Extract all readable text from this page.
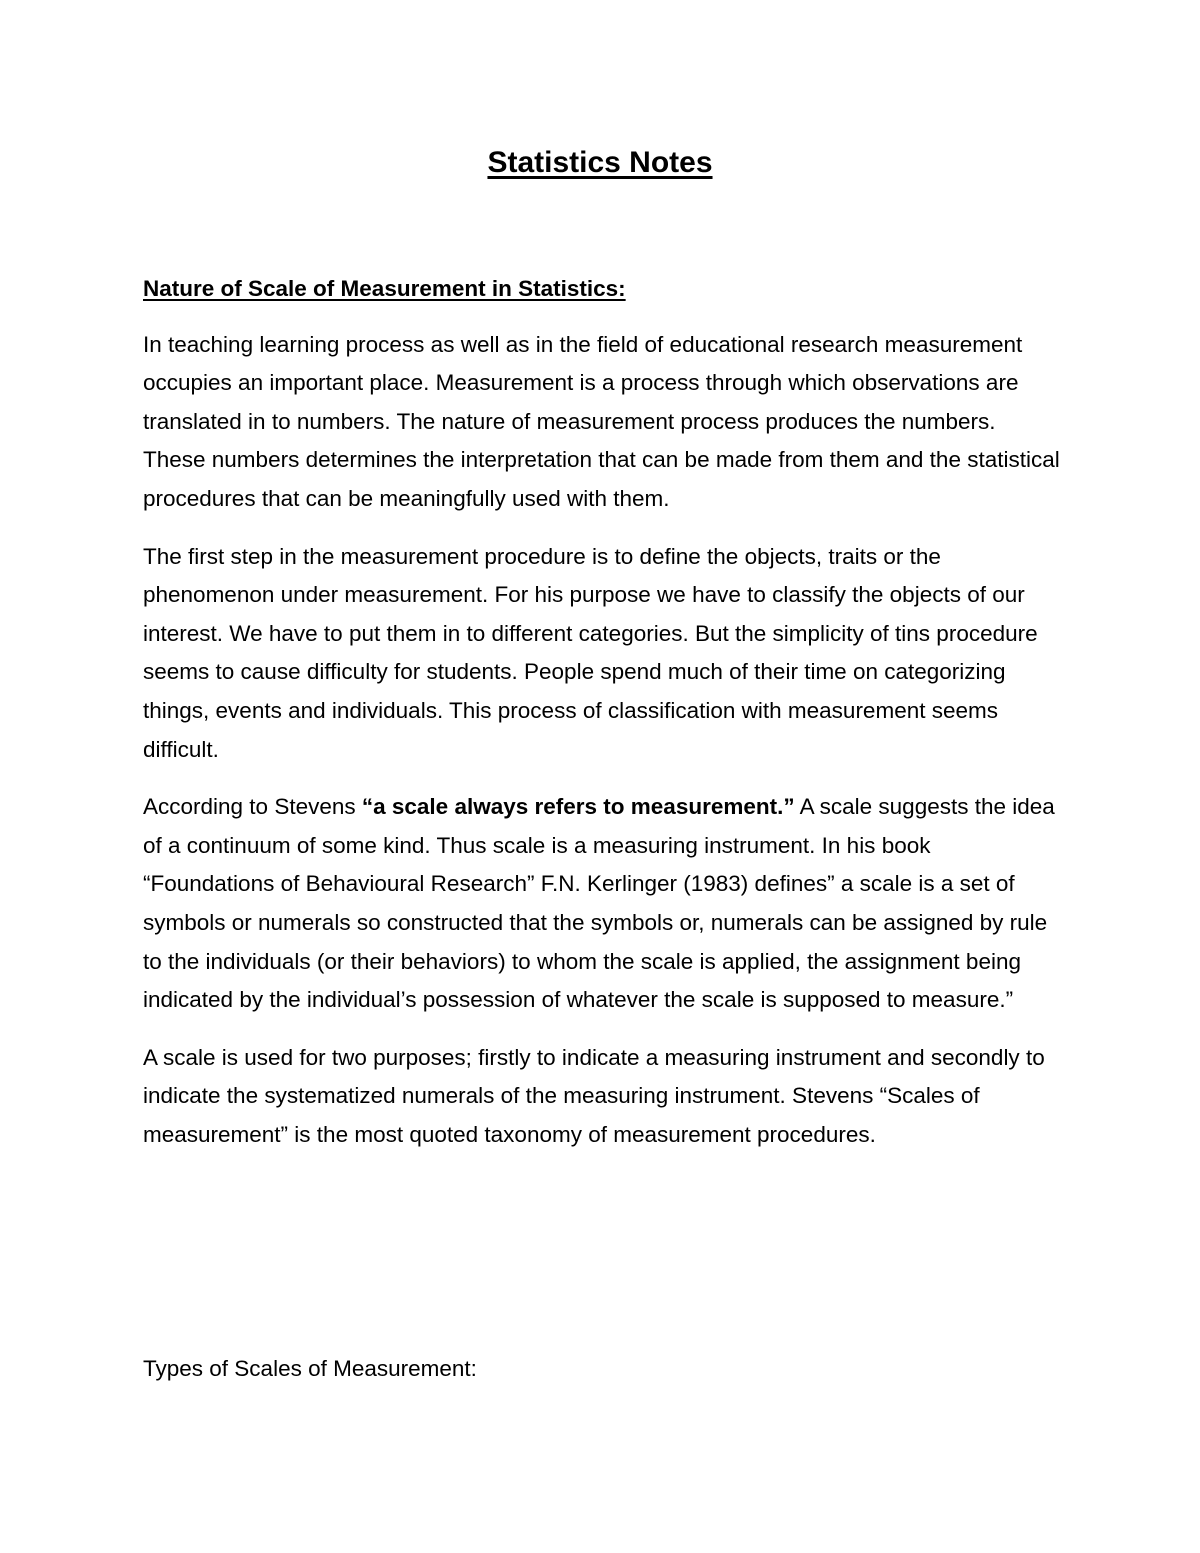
Statistics Notes

Nature of Scale of Measurement in Statistics:

In teaching learning process as well as in the field of educational research measurement occupies an important place. Measurement is a process through which observations are translated in to numbers. The nature of measurement process produces the numbers. These numbers determines the interpretation that can be made from them and the statistical procedures that can be meaningfully used with them.

The first step in the measurement procedure is to define the objects, traits or the phenomenon under measurement. For his purpose we have to classify the objects of our interest. We have to put them in to different categories. But the simplicity of tins procedure seems to cause difficulty for students. People spend much of their time on categorizing things, events and individuals. This process of classification with measurement seems difficult.

According to Stevens “a scale always refers to measurement.” A scale suggests the idea of a continuum of some kind. Thus scale is a measuring instrument. In his book “Foundations of Behavioural Research” F.N. Kerlinger (1983) defines” a scale is a set of symbols or numerals so constructed that the symbols or, numerals can be assigned by rule to the individuals (or their behaviors) to whom the scale is applied, the assignment being indicated by the individual’s possession of whatever the scale is supposed to measure.”

A scale is used for two purposes; firstly to indicate a measuring instrument and secondly to indicate the systematized numerals of the measuring instrument. Stevens “Scales of measurement” is the most quoted taxonomy of measurement procedures.

Types of Scales of Measurement:
